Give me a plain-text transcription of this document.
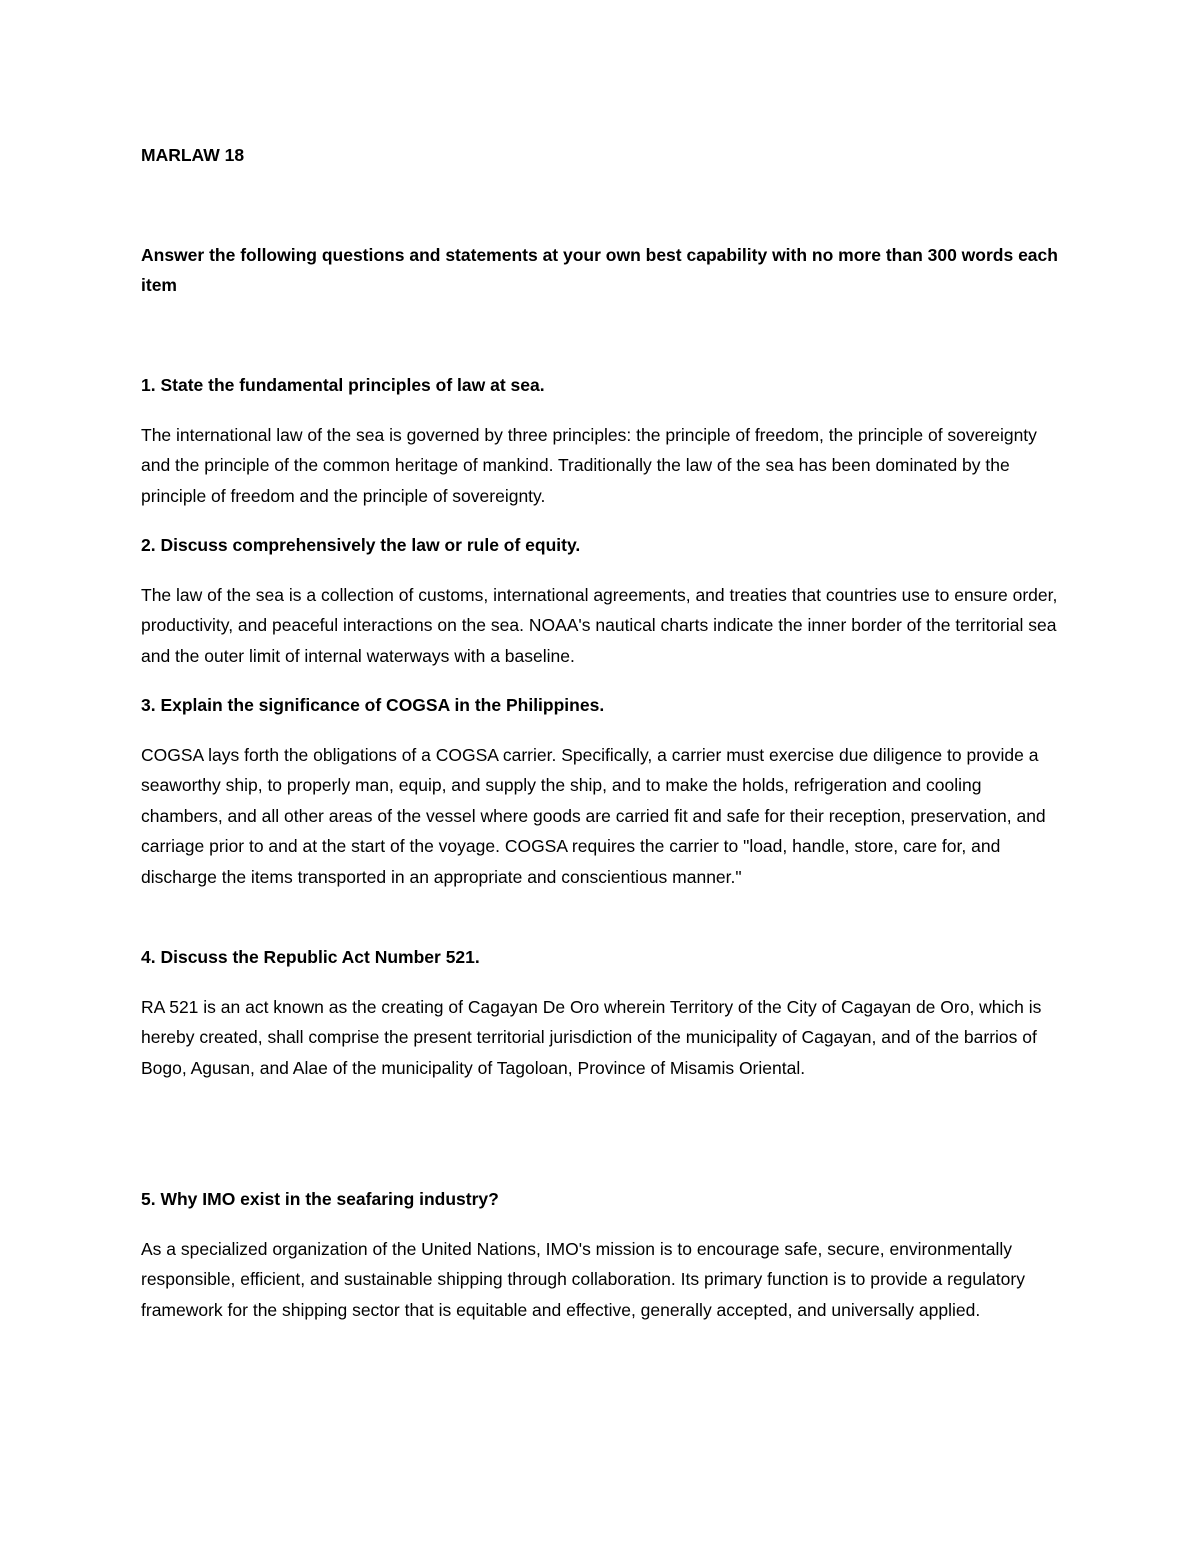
MARLAW 18

Answer the following questions and statements at your own best capability with no more than 300 words each item

1. State the fundamental principles of law at sea.

The international law of the sea is governed by three principles: the principle of freedom, the principle of sovereignty and the principle of the common heritage of mankind. Traditionally the law of the sea has been dominated by the principle of freedom and the principle of sovereignty.

2. Discuss comprehensively the law or rule of equity.

The law of the sea is a collection of customs, international agreements, and treaties that countries use to ensure order, productivity, and peaceful interactions on the sea. NOAA's nautical charts indicate the inner border of the territorial sea and the outer limit of internal waterways with a baseline.

3. Explain the significance of COGSA in the Philippines.

COGSA lays forth the obligations of a COGSA carrier. Specifically, a carrier must exercise due diligence to provide a seaworthy ship, to properly man, equip, and supply the ship, and to make the holds, refrigeration and cooling chambers, and all other areas of the vessel where goods are carried fit and safe for their reception, preservation, and carriage prior to and at the start of the voyage. COGSA requires the carrier to "load, handle, store, care for, and discharge the items transported in an appropriate and conscientious manner."

4. Discuss the Republic Act Number 521.

RA 521 is an act known as the creating of Cagayan De Oro wherein Territory of the City of Cagayan de Oro, which is hereby created, shall comprise the present territorial jurisdiction of the municipality of Cagayan, and of the barrios of Bogo, Agusan, and Alae of the municipality of Tagoloan, Province of Misamis Oriental.

5. Why IMO exist in the seafaring industry?

As a specialized organization of the United Nations, IMO's mission is to encourage safe, secure, environmentally responsible, efficient, and sustainable shipping through collaboration. Its primary function is to provide a regulatory framework for the shipping sector that is equitable and effective, generally accepted, and universally applied.
